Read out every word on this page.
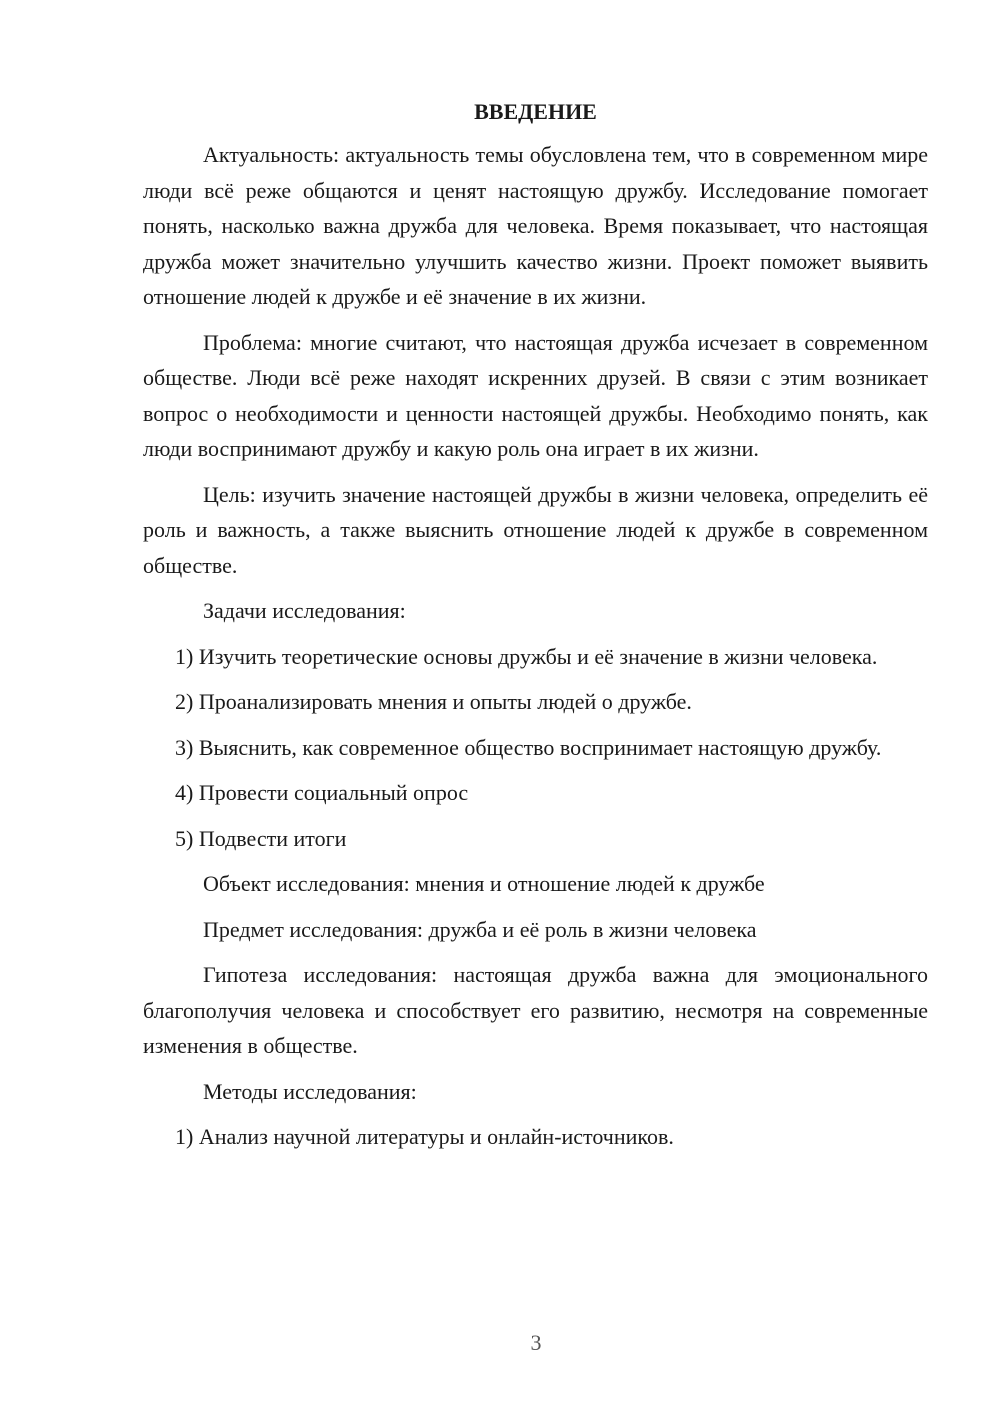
ВВЕДЕНИЕ

Актуальность: актуальность темы обусловлена тем, что в современном мире люди всё реже общаются и ценят настоящую дружбу. Исследование помогает понять, насколько важна дружба для человека. Время показывает, что настоящая дружба может значительно улучшить качество жизни. Проект поможет выявить отношение людей к дружбе и её значение в их жизни.

Проблема: многие считают, что настоящая дружба исчезает в современном обществе. Люди всё реже находят искренних друзей. В связи с этим возникает вопрос о необходимости и ценности настоящей дружбы. Необходимо понять, как люди воспринимают дружбу и какую роль она играет в их жизни.

Цель: изучить значение настоящей дружбы в жизни человека, определить её роль и важность, а также выяснить отношение людей к дружбе в современном обществе.

Задачи исследования:

1) Изучить теоретические основы дружбы и её значение в жизни человека.

2) Проанализировать мнения и опыты людей о дружбе.

3) Выяснить, как современное общество воспринимает настоящую дружбу.

4) Провести социальный опрос

5) Подвести итоги

Объект исследования: мнения и отношение людей к дружбе

Предмет исследования: дружба и её роль в жизни человека

Гипотеза исследования: настоящая дружба важна для эмоционального благополучия человека и способствует его развитию, несмотря на современные изменения в обществе.

Методы исследования:

1) Анализ научной литературы и онлайн-источников.

3
